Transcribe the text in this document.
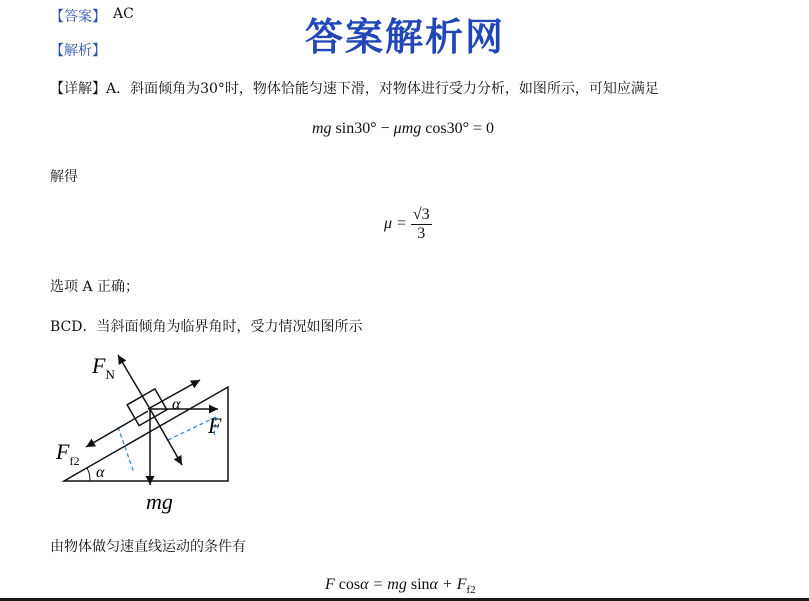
【答案】 AC
【解析】	答案解析网
【详解】A．斜面倾角为30°时，物体恰能匀速下滑，对物体进行受力分析，如图所示，可知应满足
mg sin30° − μmg cos30° = 0
解得
$\mu = \frac{√3}{3}$
选项 A 正确；
BCD．当斜面倾角为临界角时，受力情况如图所示
$F_N$
$F_{f2}$
F
α
α
mg
由物体做匀速直线运动的条件有
F cosα = mg $\sin\alpha + F_{f2}$
